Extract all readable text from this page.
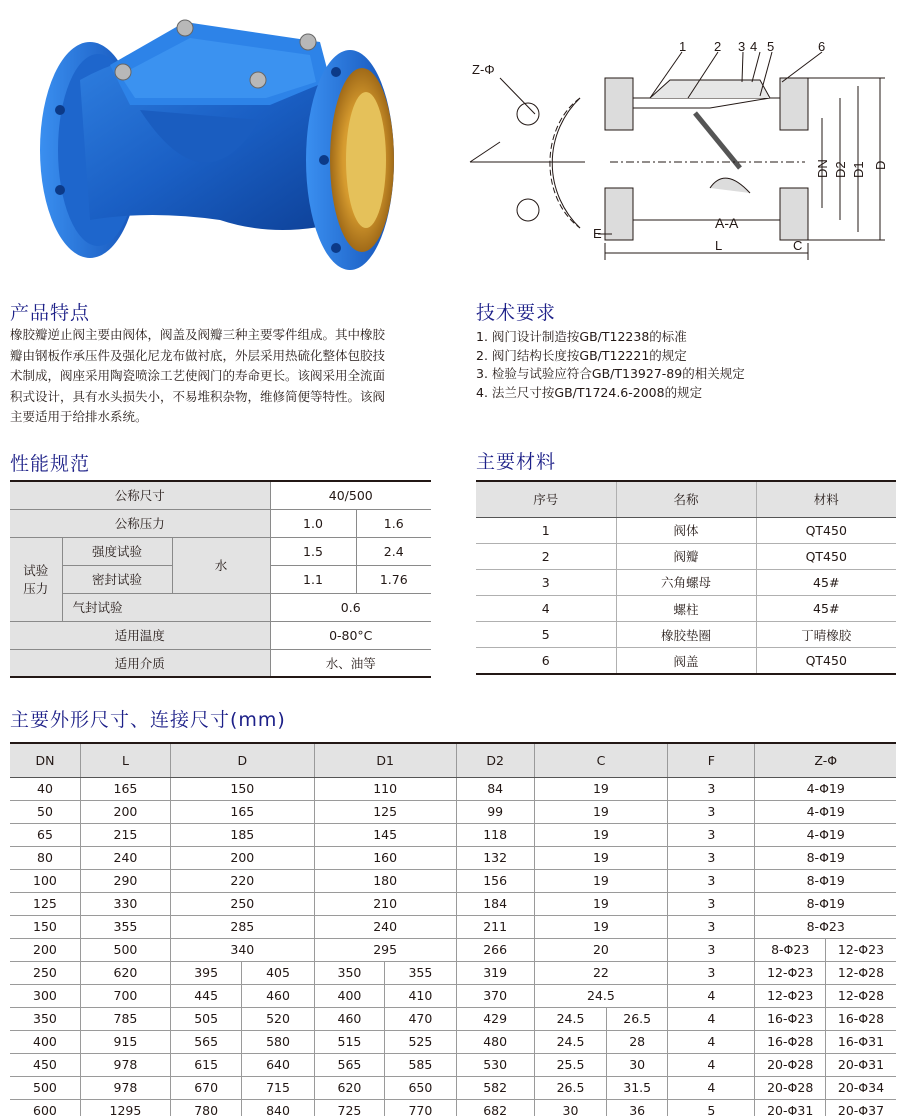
Z-Φ
1 2 3 4 5	6
A-A
E
L	C
DN D2 D1 D
产品特点
橡胶瓣逆止阀主要由阀体，阀盖及阀瓣三种主要零件组成。其中橡胶
瓣由钢板作承压件及强化尼龙布做衬底，外层采用热硫化整体包胶技
术制成，阀座采用陶瓷喷涂工艺使阀门的寿命更长。该阀采用全流面
积式设计，具有水头损失小，不易堆积杂物，维修简便等特性。该阀
主要适用于给排水系统。
技术要求
1. 阀门设计制造按GB/T12238的标准
2. 阀门结构长度按GB/T12221的规定
3. 检验与试验应符合GB/T13927-89的相关规定
4. 法兰尺寸按GB/T1724.6-2008的规定
性能规范
公称尺寸			40/500	
公称压力			1.0	1.6

试验
压力	强度试验	水	1.5	2.4
	密封试验		1.1	1.76
	气封试验		0.6	
适用温度			0-80°C	
适用介质			水、油等	
主要材料
序号	名称	材料
1	阀体	QT450
2	阀瓣	QT450
3	六角螺母	45#
4	螺柱	45#
5	橡胶垫圈	丁晴橡胶
6	阀盖	QT450
主要外形尺寸、连接尺寸(mm)
DN	L	D		D1		D2	C		F	Z-Φ	
40	165	150		110		84	19		3	4-Φ19	
50	200	165		125		99	19		3	4-Φ19	
65	215	185		145		118	19		3	4-Φ19	
80	240	200		160		132	19		3	8-Φ19	
100	290	220		180		156	19		3	8-Φ19	
125	330	250		210		184	19		3	8-Φ19	
150	355	285		240		211	19		3	8-Φ23	
200	500	340		295		266	20		3	8-Φ23	12-Φ23
250	620	395	405	350	355	319	22		3	12-Φ23	12-Φ28
300	700	445	460	400	410	370	24.5		4	12-Φ23	12-Φ28
350	785	505	520	460	470	429	24.5	26.5	4	16-Φ23	16-Φ28
400	915	565	580	515	525	480	24.5	28	4	16-Φ28	16-Φ31
450	978	615	640	565	585	530	25.5	30	4	20-Φ28	20-Φ31
500	978	670	715	620	650	582	26.5	31.5	4	20-Φ28	20-Φ34
600	1295	780	840	725	770	682	30	36	5	20-Φ31	20-Φ37
